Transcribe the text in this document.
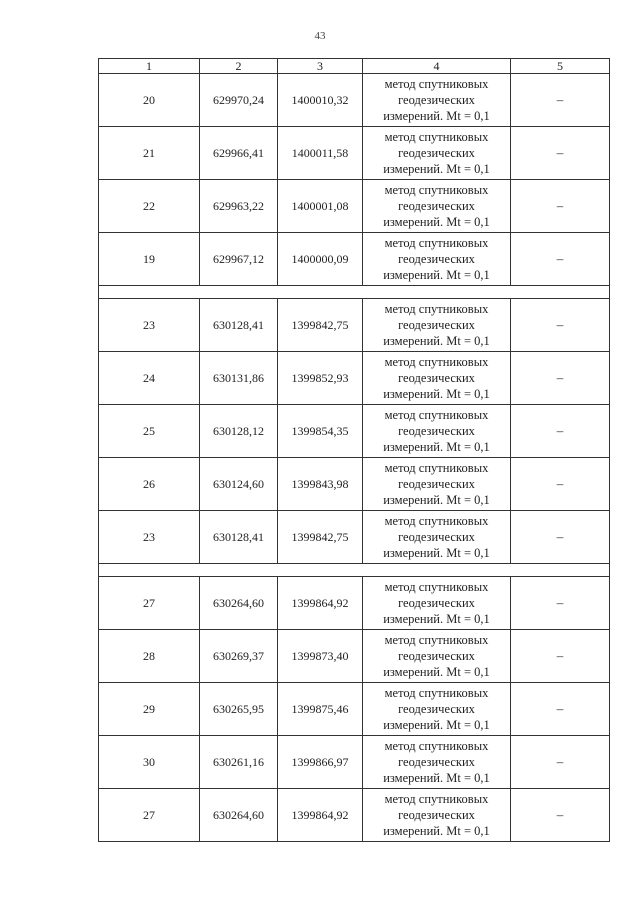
43
1	2	3	4	5
20	629970,24	1400010,32	метод спутниковых
геодезических
измерений. Mt = 0,1	–
21	629966,41	1400011,58	метод спутниковых
геодезических
измерений. Mt = 0,1	–
22	629963,22	1400001,08	метод спутниковых
геодезических
измерений. Mt = 0,1	–
19	629967,12	1400000,09	метод спутниковых
геодезических
измерений. Mt = 0,1	–

23	630128,41	1399842,75	метод спутниковых
геодезических
измерений. Mt = 0,1	–
24	630131,86	1399852,93	метод спутниковых
геодезических
измерений. Mt = 0,1	–
25	630128,12	1399854,35	метод спутниковых
геодезических
измерений. Mt = 0,1	–
26	630124,60	1399843,98	метод спутниковых
геодезических
измерений. Mt = 0,1	–
23	630128,41	1399842,75	метод спутниковых
геодезических
измерений. Mt = 0,1	–

27	630264,60	1399864,92	метод спутниковых
геодезических
измерений. Mt = 0,1	–
28	630269,37	1399873,40	метод спутниковых
геодезических
измерений. Mt = 0,1	–
29	630265,95	1399875,46	метод спутниковых
геодезических
измерений. Mt = 0,1	–
30	630261,16	1399866,97	метод спутниковых
геодезических
измерений. Mt = 0,1	–
27	630264,60	1399864,92	метод спутниковых
геодезических
измерений. Mt = 0,1	–
